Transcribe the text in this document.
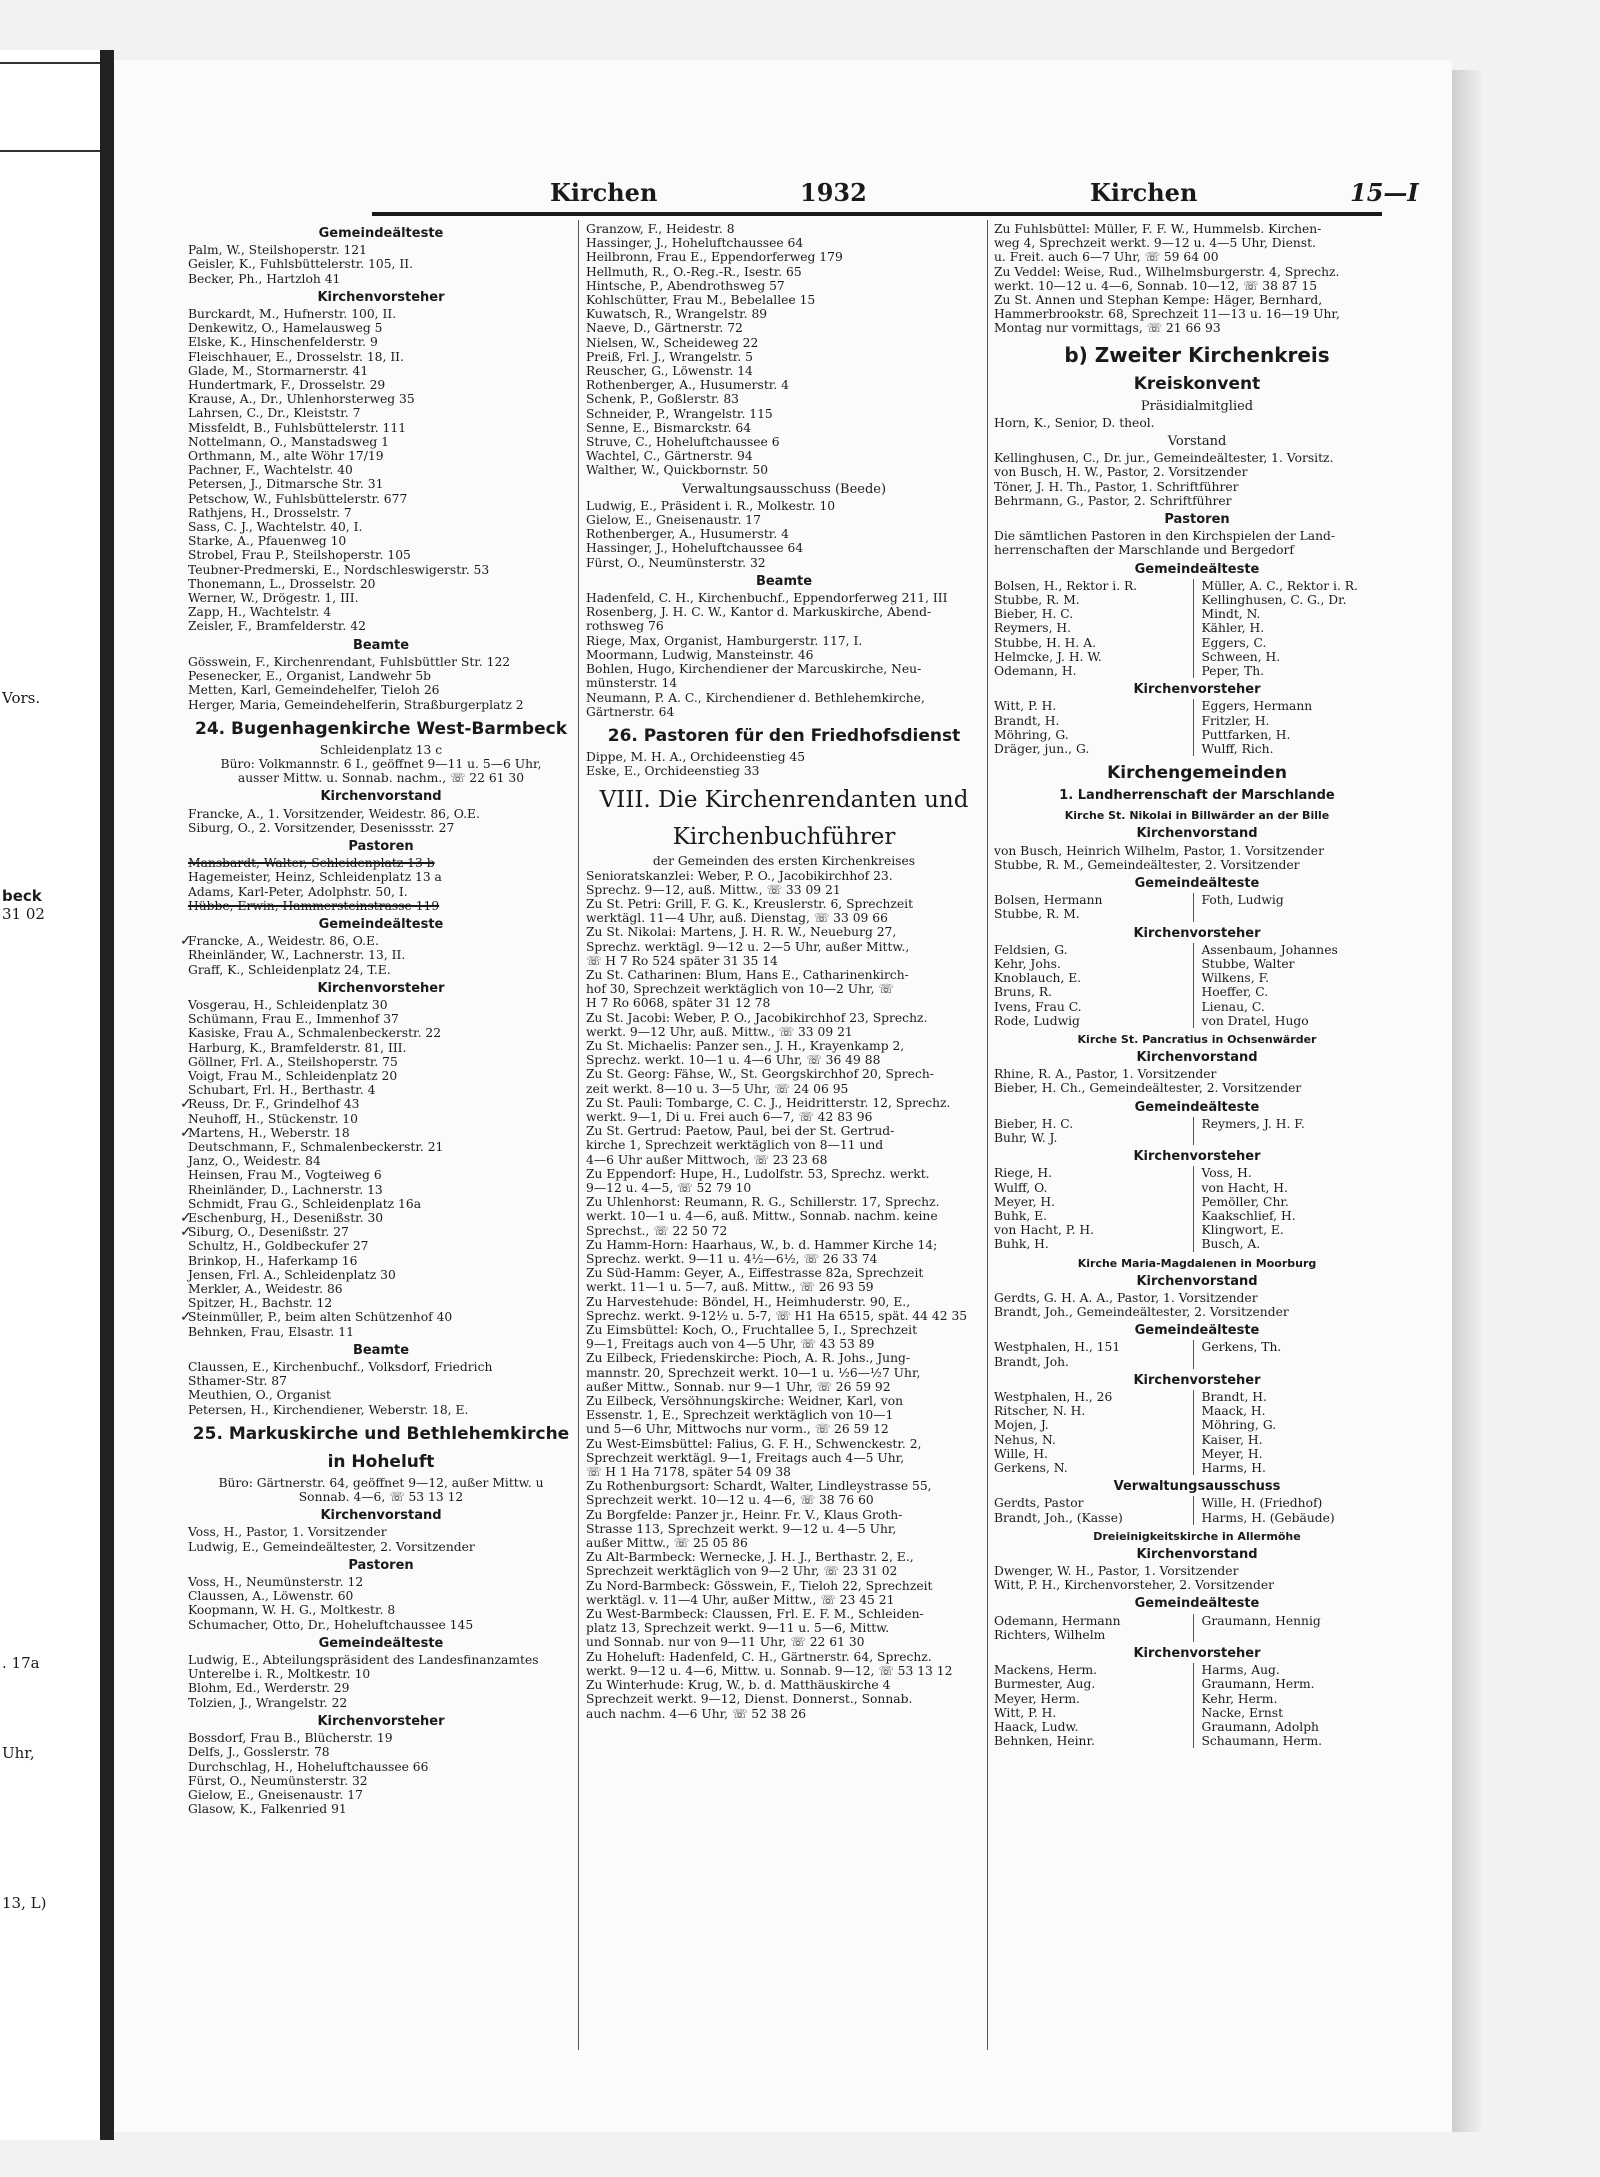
Vors.
beck
31 02
. 17a
Uhr,
13, L)
Kirchen	1932	Kirchen	15—I
Gemeindeälteste
Palm, W., Steilshoperstr. 121
Geisler, K., Fuhlsbüttelerstr. 105, II.
Becker, Ph., Hartzloh 41
Kirchenvorsteher
Burckardt, M., Hufnerstr. 100, II.
Denkewitz, O., Hamelausweg 5
Elske, K., Hinschenfelderstr. 9
Fleischhauer, E., Drosselstr. 18, II.
Glade, M., Stormarnerstr. 41
Hundertmark, F., Drosselstr. 29
Krause, A., Dr., Uhlenhorsterweg 35
Lahrsen, C., Dr., Kleiststr. 7
Missfeldt, B., Fuhlsbüttelerstr. 111
Nottelmann, O., Manstadsweg 1
Orthmann, M., alte Wöhr 17/19
Pachner, F., Wachtelstr. 40
Petersen, J., Ditmarsche Str. 31
Petschow, W., Fuhlsbüttelerstr. 677
Rathjens, H., Drosselstr. 7
Sass, C. J., Wachtelstr. 40, I.
Starke, A., Pfauenweg 10
Strobel, Frau P., Steilshoperstr. 105
Teubner-Predmerski, E., Nordschleswigerstr. 53
Thonemann, L., Drosselstr. 20
Werner, W., Drögestr. 1, III.
Zapp, H., Wachtelstr. 4
Zeisler, F., Bramfelderstr. 42
Beamte
Gösswein, F., Kirchenrendant, Fuhlsbüttler Str. 122
Pesenecker, E., Organist, Landwehr 5b
Metten, Karl, Gemeindehelfer, Tieloh 26
Herger, Maria, Gemeindehelferin, Straßburgerplatz 2
24. Bugenhagenkirche West-Barmbeck
Schleidenplatz 13 c
Büro: Volkmannstr. 6 I., geöffnet 9—11 u. 5—6 Uhr,
ausser Mittw. u. Sonnab. nachm., ☏ 22 61 30
Kirchenvorstand
Francke, A., 1. Vorsitzender, Weidestr. 86, O.E.
Siburg, O., 2. Vorsitzender, Desenissstr. 27
Pastoren
Mansbardt, Walter, Schleidenplatz 13 b
Hagemeister, Heinz, Schleidenplatz 13 a
Adams, Karl-Peter, Adolphstr. 50, I.
Hübbe, Erwin, Hammersteinstrasse 119
Gemeindeälteste
Francke, A., Weidestr. 86, O.E.
✓
Rheinländer, W., Lachnerstr. 13, II.
Graff, K., Schleidenplatz 24, T.E.
Kirchenvorsteher
Vosgerau, H., Schleidenplatz 30
Schümann, Frau E., Immenhof 37
Kasiske, Frau A., Schmalenbeckerstr. 22
Harburg, K., Bramfelderstr. 81, III.
Göllner, Frl. A., Steilshoperstr. 75
Voigt, Frau M., Schleidenplatz 20
Schubart, Frl. H., Berthastr. 4
Reuss, Dr. F., Grindelhof 43
✓
Neuhoff, H., Stückenstr. 10
Martens, H., Weberstr. 18
✓
Deutschmann, F., Schmalenbeckerstr. 21
Janz, O., Weidestr. 84
Heinsen, Frau M., Vogteiweg 6
Rheinländer, D., Lachnerstr. 13
Schmidt, Frau G., Schleidenplatz 16a
Eschenburg, H., Desenißstr. 30
✓
Siburg, O., Desenißstr. 27
✓
Schultz, H., Goldbeckufer 27
Brinkop, H., Haferkamp 16
Jensen, Frl. A., Schleidenplatz 30
Merkler, A., Weidestr. 86
Spitzer, H., Bachstr. 12
Steinmüller, P., beim alten Schützenhof 40
✓
Behnken, Frau, Elsastr. 11
Beamte
Claussen, E., Kirchenbuchf., Volksdorf, Friedrich
Sthamer-Str. 87
Meuthien, O., Organist
Petersen, H., Kirchendiener, Weberstr. 18, E.
25. Markuskirche und Bethlehemkirche
in Hoheluft
Büro: Gärtnerstr. 64, geöffnet 9—12, außer Mittw. u
Sonnab. 4—6, ☏ 53 13 12
Kirchenvorstand
Voss, H., Pastor, 1. Vorsitzender
Ludwig, E., Gemeindeältester, 2. Vorsitzender
Pastoren
Voss, H., Neumünsterstr. 12
Claussen, A., Löwenstr. 60
Koopmann, W. H. G., Moltkestr. 8
Schumacher, Otto, Dr., Hoheluftchaussee 145
Gemeindeälteste
Ludwig, E., Abteilungspräsident des Landesfinanzamtes
Unterelbe i. R., Moltkestr. 10
Blohm, Ed., Werderstr. 29
Tolzien, J., Wrangelstr. 22
Kirchenvorsteher
Bossdorf, Frau B., Blücherstr. 19
Delfs, J., Gosslerstr. 78
Durchschlag, H., Hoheluftchaussee 66
Fürst, O., Neumünsterstr. 32
Gielow, E., Gneisenaustr. 17
Glasow, K., Falkenried 91
Granzow, F., Heidestr. 8
Hassinger, J., Hoheluftchaussee 64
Heilbronn, Frau E., Eppendorferweg 179
Hellmuth, R., O.-Reg.-R., Isestr. 65
Hintsche, P., Abendrothsweg 57
Kohlschütter, Frau M., Bebelallee 15
Kuwatsch, R., Wrangelstr. 89
Naeve, D., Gärtnerstr. 72
Nielsen, W., Scheideweg 22
Preiß, Frl. J., Wrangelstr. 5
Reuscher, G., Löwenstr. 14
Rothenberger, A., Husumerstr. 4
Schenk, P., Goßlerstr. 83
Schneider, P., Wrangelstr. 115
Senne, E., Bismarckstr. 64
Struve, C., Hoheluftchaussee 6
Wachtel, C., Gärtnerstr. 94
Walther, W., Quickbornstr. 50
Verwaltungsausschuss (Beede)
Ludwig, E., Präsident i. R., Molkestr. 10
Gielow, E., Gneisenaustr. 17
Rothenberger, A., Husumerstr. 4
Hassinger, J., Hoheluftchaussee 64
Fürst, O., Neumünsterstr. 32
Beamte
Hadenfeld, C. H., Kirchenbuchf., Eppendorferweg 211, III
Rosenberg, J. H. C. W., Kantor d. Markuskirche, Abend-
rothsweg 76
Riege, Max, Organist, Hamburgerstr. 117, I.
Moormann, Ludwig, Mansteinstr. 46
Bohlen, Hugo, Kirchendiener der Marcuskirche, Neu-
münsterstr. 14
Neumann, P. A. C., Kirchendiener d. Bethlehemkirche,
Gärtnerstr. 64
26. Pastoren für den Friedhofsdienst
Dippe, M. H. A., Orchideenstieg 45
Eske, E., Orchideenstieg 33
VIII. Die Kirchenrendanten und
Kirchenbuchführer
der Gemeinden des ersten Kirchenkreises
Senioratskanzlei: Weber, P. O., Jacobikirchhof 23.
Sprechz. 9—12, auß. Mittw., ☏ 33 09 21
Zu St. Petri: Grill, F. G. K., Kreuslerstr. 6, Sprechzeit
werktägl. 11—4 Uhr, auß. Dienstag, ☏ 33 09 66
Zu St. Nikolai: Martens, J. H. R. W., Neueburg 27,
Sprechz. werktägl. 9—12 u. 2—5 Uhr, außer Mittw.,
☏ H 7 Ro 524 später 31 35 14
Zu St. Catharinen: Blum, Hans E., Catharinenkirch-
hof 30, Sprechzeit werktäglich von 10—2 Uhr, ☏
H 7 Ro 6068, später 31 12 78
Zu St. Jacobi: Weber, P. O., Jacobikirchhof 23, Sprechz.
werkt. 9—12 Uhr, auß. Mittw., ☏ 33 09 21
Zu St. Michaelis: Panzer sen., J. H., Krayenkamp 2,
Sprechz. werkt. 10—1 u. 4—6 Uhr, ☏ 36 49 88
Zu St. Georg: Fähse, W., St. Georgskirchhof 20, Sprech-
zeit werkt. 8—10 u. 3—5 Uhr, ☏ 24 06 95
Zu St. Pauli: Tombarge, C. C. J., Heidritterstr. 12, Sprechz.
werkt. 9—1, Di u. Frei auch 6—7, ☏ 42 83 96
Zu St. Gertrud: Paetow, Paul, bei der St. Gertrud-
kirche 1, Sprechzeit werktäglich von 8—11 und
4—6 Uhr außer Mittwoch, ☏ 23 23 68
Zu Eppendorf: Hupe, H., Ludolfstr. 53, Sprechz. werkt.
9—12 u. 4—5, ☏ 52 79 10
Zu Uhlenhorst: Reumann, R. G., Schillerstr. 17, Sprechz.
werkt. 10—1 u. 4—6, auß. Mittw., Sonnab. nachm. keine
Sprechst., ☏ 22 50 72
Zu Hamm-Horn: Haarhaus, W., b. d. Hammer Kirche 14;
Sprechz. werkt. 9—11 u. 4½—6½, ☏ 26 33 74
Zu Süd-Hamm: Geyer, A., Eiffestrasse 82a, Sprechzeit
werkt. 11—1 u. 5—7, auß. Mittw., ☏ 26 93 59
Zu Harvestehude: Böndel, H., Heimhuderstr. 90, E.,
Sprechz. werkt. 9-12½ u. 5-7, ☏ H1 Ha 6515, spät. 44 42 35
Zu Eimsbüttel: Koch, O., Fruchtallee 5, I., Sprechzeit
9—1, Freitags auch von 4—5 Uhr, ☏ 43 53 89
Zu Eilbeck, Friedenskirche: Pioch, A. R. Johs., Jung-
mannstr. 20, Sprechzeit werkt. 10—1 u. ½6—½7 Uhr,
außer Mittw., Sonnab. nur 9—1 Uhr, ☏ 26 59 92
Zu Eilbeck, Versöhnungskirche: Weidner, Karl, von
Essenstr. 1, E., Sprechzeit werktäglich von 10—1
und 5—6 Uhr, Mittwochs nur vorm., ☏ 26 59 12
Zu West-Eimsbüttel: Falius, G. F. H., Schwenckestr. 2,
Sprechzeit werktägl. 9—1, Freitags auch 4—5 Uhr,
☏ H 1 Ha 7178, später 54 09 38
Zu Rothenburgsort: Schardt, Walter, Lindleystrasse 55,
Sprechzeit werkt. 10—12 u. 4—6, ☏ 38 76 60
Zu Borgfelde: Panzer jr., Heinr. Fr. V., Klaus Groth-
Strasse 113, Sprechzeit werkt. 9—12 u. 4—5 Uhr,
außer Mittw., ☏ 25 05 86
Zu Alt-Barmbeck: Wernecke, J. H. J., Berthastr. 2, E.,
Sprechzeit werktäglich von 9—2 Uhr, ☏ 23 31 02
Zu Nord-Barmbeck: Gösswein, F., Tieloh 22, Sprechzeit
werktägl. v. 11—4 Uhr, außer Mittw., ☏ 23 45 21
Zu West-Barmbeck: Claussen, Frl. E. F. M., Schleiden-
platz 13, Sprechzeit werkt. 9—11 u. 5—6, Mittw.
und Sonnab. nur von 9—11 Uhr, ☏ 22 61 30
Zu Hoheluft: Hadenfeld, C. H., Gärtnerstr. 64, Sprechz.
werkt. 9—12 u. 4—6, Mittw. u. Sonnab. 9—12, ☏ 53 13 12
Zu Winterhude: Krug, W., b. d. Matthäuskirche 4
Sprechzeit werkt. 9—12, Dienst. Donnerst., Sonnab.
auch nachm. 4—6 Uhr, ☏ 52 38 26
Zu Fuhlsbüttel: Müller, F. F. W., Hummelsb. Kirchen-
weg 4, Sprechzeit werkt. 9—12 u. 4—5 Uhr, Dienst.
u. Freit. auch 6—7 Uhr, ☏ 59 64 00
Zu Veddel: Weise, Rud., Wilhelmsburgerstr. 4, Sprechz.
werkt. 10—12 u. 4—6, Sonnab. 10—12, ☏ 38 87 15
Zu St. Annen und Stephan Kempe: Häger, Bernhard,
Hammerbrookstr. 68, Sprechzeit 11—13 u. 16—19 Uhr,
Montag nur vormittags, ☏ 21 66 93
b) Zweiter Kirchenkreis
Kreiskonvent
Präsidialmitglied
Horn, K., Senior, D. theol.
Vorstand
Kellinghusen, C., Dr. jur., Gemeindeältester, 1. Vorsitz.
von Busch, H. W., Pastor, 2. Vorsitzender
Töner, J. H. Th., Pastor, 1. Schriftführer
Behrmann, G., Pastor, 2. Schriftführer
Pastoren
Die sämtlichen Pastoren in den Kirchspielen der Land-
herrenschaften der Marschlande und Bergedorf
Gemeindeälteste
Bolsen, H., Rektor i. R.	Müller, A. C., Rektor i. R.
Stubbe, R. M.	Kellinghusen, C. G., Dr.
Bieber, H. C.	Mindt, N.
Reymers, H.	Kähler, H.
Stubbe, H. H. A.	Eggers, C.
Helmcke, J. H. W.	Schween, H.
Odemann, H.	Peper, Th.
Kirchenvorsteher
Witt, P. H.	Eggers, Hermann
Brandt, H.	Fritzler, H.
Möhring, G.	Puttfarken, H.
Dräger, jun., G.	Wulff, Rich.
Kirchengemeinden
1. Landherrenschaft der Marschlande
Kirche St. Nikolai in Billwärder an der Bille
Kirchenvorstand
von Busch, Heinrich Wilhelm, Pastor, 1. Vorsitzender
Stubbe, R. M., Gemeindeältester, 2. Vorsitzender
Gemeindeälteste
Bolsen, Hermann	Foth, Ludwig
Stubbe, R. M.
Kirchenvorsteher
Feldsien, G.	Assenbaum, Johannes
Kehr, Johs.	Stubbe, Walter
Knoblauch, E.	Wilkens, F.
Bruns, R.	Hoeffer, C.
Ivens, Frau C.	Lienau, C.
Rode, Ludwig	von Dratel, Hugo
Kirche St. Pancratius in Ochsenwärder
Kirchenvorstand
Rhine, R. A., Pastor, 1. Vorsitzender
Bieber, H. Ch., Gemeindeältester, 2. Vorsitzender
Gemeindeälteste
Bieber, H. C.	Reymers, J. H. F.
Buhr, W. J.
Kirchenvorsteher
Riege, H.	Voss, H.
Wulff, O.	von Hacht, H.
Meyer, H.	Pemöller, Chr.
Buhk, E.	Kaakschlief, H.
von Hacht, P. H.	Klingwort, E.
Buhk, H.	Busch, A.
Kirche Maria-Magdalenen in Moorburg
Kirchenvorstand
Gerdts, G. H. A. A., Pastor, 1. Vorsitzender
Brandt, Joh., Gemeindeältester, 2. Vorsitzender
Gemeindeälteste
Westphalen, H., 151	Gerkens, Th.
Brandt, Joh.
Kirchenvorsteher
Westphalen, H., 26	Brandt, H.
Ritscher, N. H.	Maack, H.
Mojen, J.	Möhring, G.
Nehus, N.	Kaiser, H.
Wille, H.	Meyer, H.
Gerkens, N.	Harms, H.
Verwaltungsausschuss
Gerdts, Pastor	Wille, H. (Friedhof)
Brandt, Joh., (Kasse)	Harms, H. (Gebäude)
Dreieinigkeitskirche in Allermöhe
Kirchenvorstand
Dwenger, W. H., Pastor, 1. Vorsitzender
Witt, P. H., Kirchenvorsteher, 2. Vorsitzender
Gemeindeälteste
Odemann, Hermann	Graumann, Hennig
Richters, Wilhelm
Kirchenvorsteher
Mackens, Herm.	Harms, Aug.
Burmester, Aug.	Graumann, Herm.
Meyer, Herm.	Kehr, Herm.
Witt, P. H.	Nacke, Ernst
Haack, Ludw.	Graumann, Adolph
Behnken, Heinr.	Schaumann, Herm.
